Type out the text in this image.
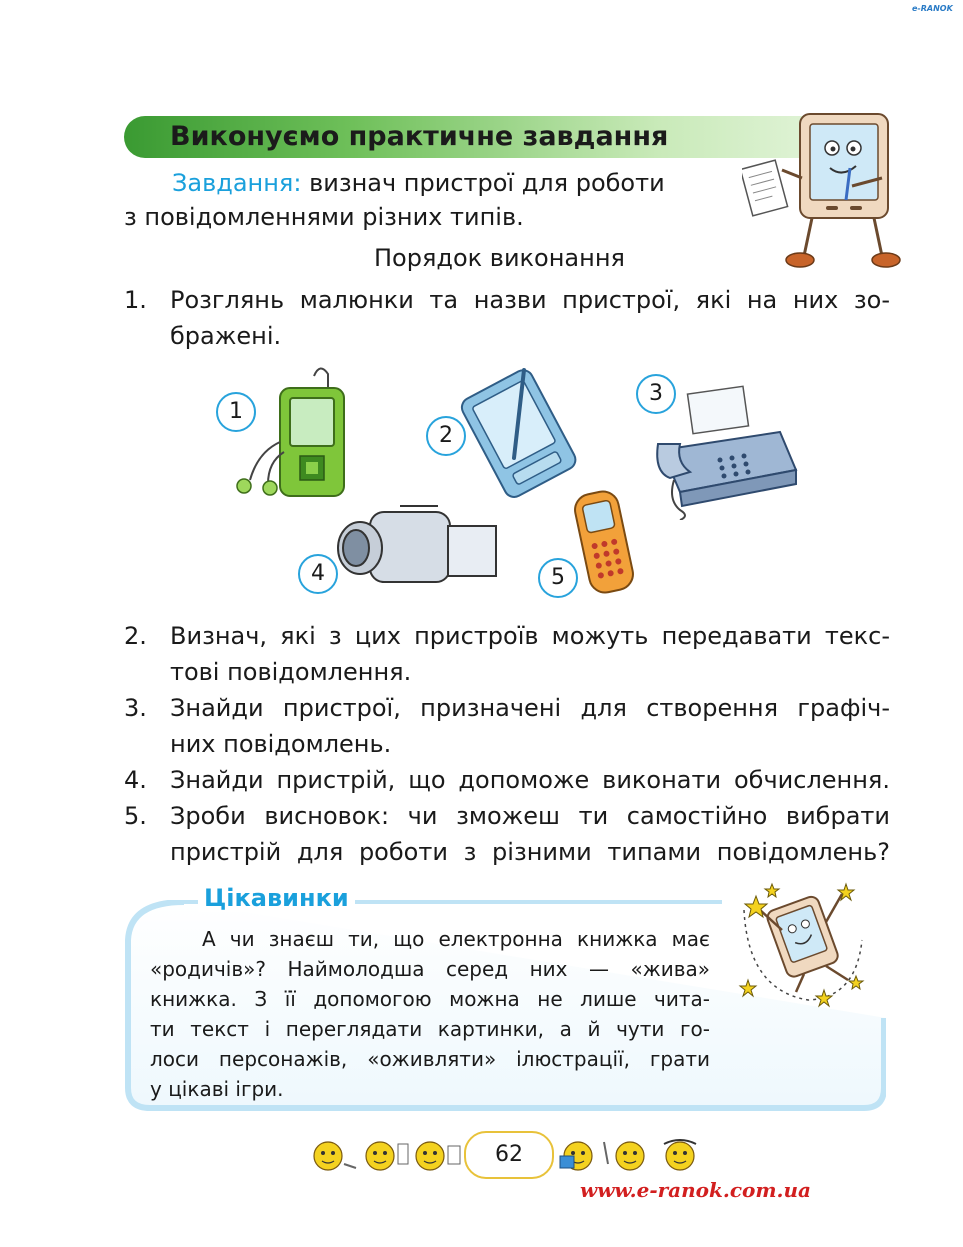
e-RANOK
Виконуємо практичне завдання
Завдання: визнач пристрої для роботи
з повідомленнями різних типів.
Порядок виконання
1. Розглянь малюнки та назви пристрої, які на них зо-
бражені.
1
2
3
4	5
2. Визнач, які з цих пристроїв можуть передавати текс-
тові повідомлення.
3. Знайди пристрої, призначені для створення графіч-
них повідомлень.
4. Знайди пристрій, що допоможе виконати обчислення.
5. Зроби висновок: чи зможеш ти самостійно вибрати
пристрій для роботи з різними типами повідомлень?
Цікавинки
А чи знаєш ти, що електронна книжка має
«родичів»? Наймолодша серед них — «жива»
книжка. З її допомогою можна не лише чита-
ти текст і переглядати картинки, а й чути го-
лоси персонажів, «оживляти» ілюстрації, грати
у цікаві ігри.
62
www.e-ranok.com.ua
